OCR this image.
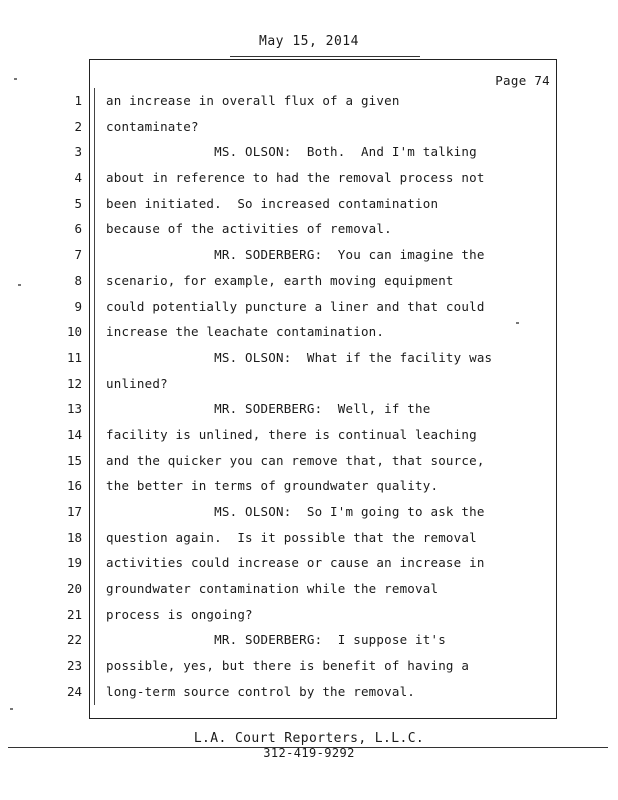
May 15, 2014
Page 74
1 an increase in overall flux of a given
2 contaminate?
3 MS. OLSON:  Both.  And I'm talking
4 about in reference to had the removal process not
5 been initiated.  So increased contamination
6 because of the activities of removal.
7 MR. SODERBERG:  You can imagine the
8 scenario, for example, earth moving equipment
9 could potentially puncture a liner and that could
10 increase the leachate contamination.
11 MS. OLSON:  What if the facility was
12 unlined?
13 MR. SODERBERG:  Well, if the
14 facility is unlined, there is continual leaching
15 and the quicker you can remove that, that source,
16 the better in terms of groundwater quality.
17 MS. OLSON:  So I'm going to ask the
18 question again.  Is it possible that the removal
19 activities could increase or cause an increase in
20 groundwater contamination while the removal
21 process is ongoing?
22 MR. SODERBERG:  I suppose it's
23 possible, yes, but there is benefit of having a
24 long-term source control by the removal.
L.A. Court Reporters, L.L.C.
312-419-9292
